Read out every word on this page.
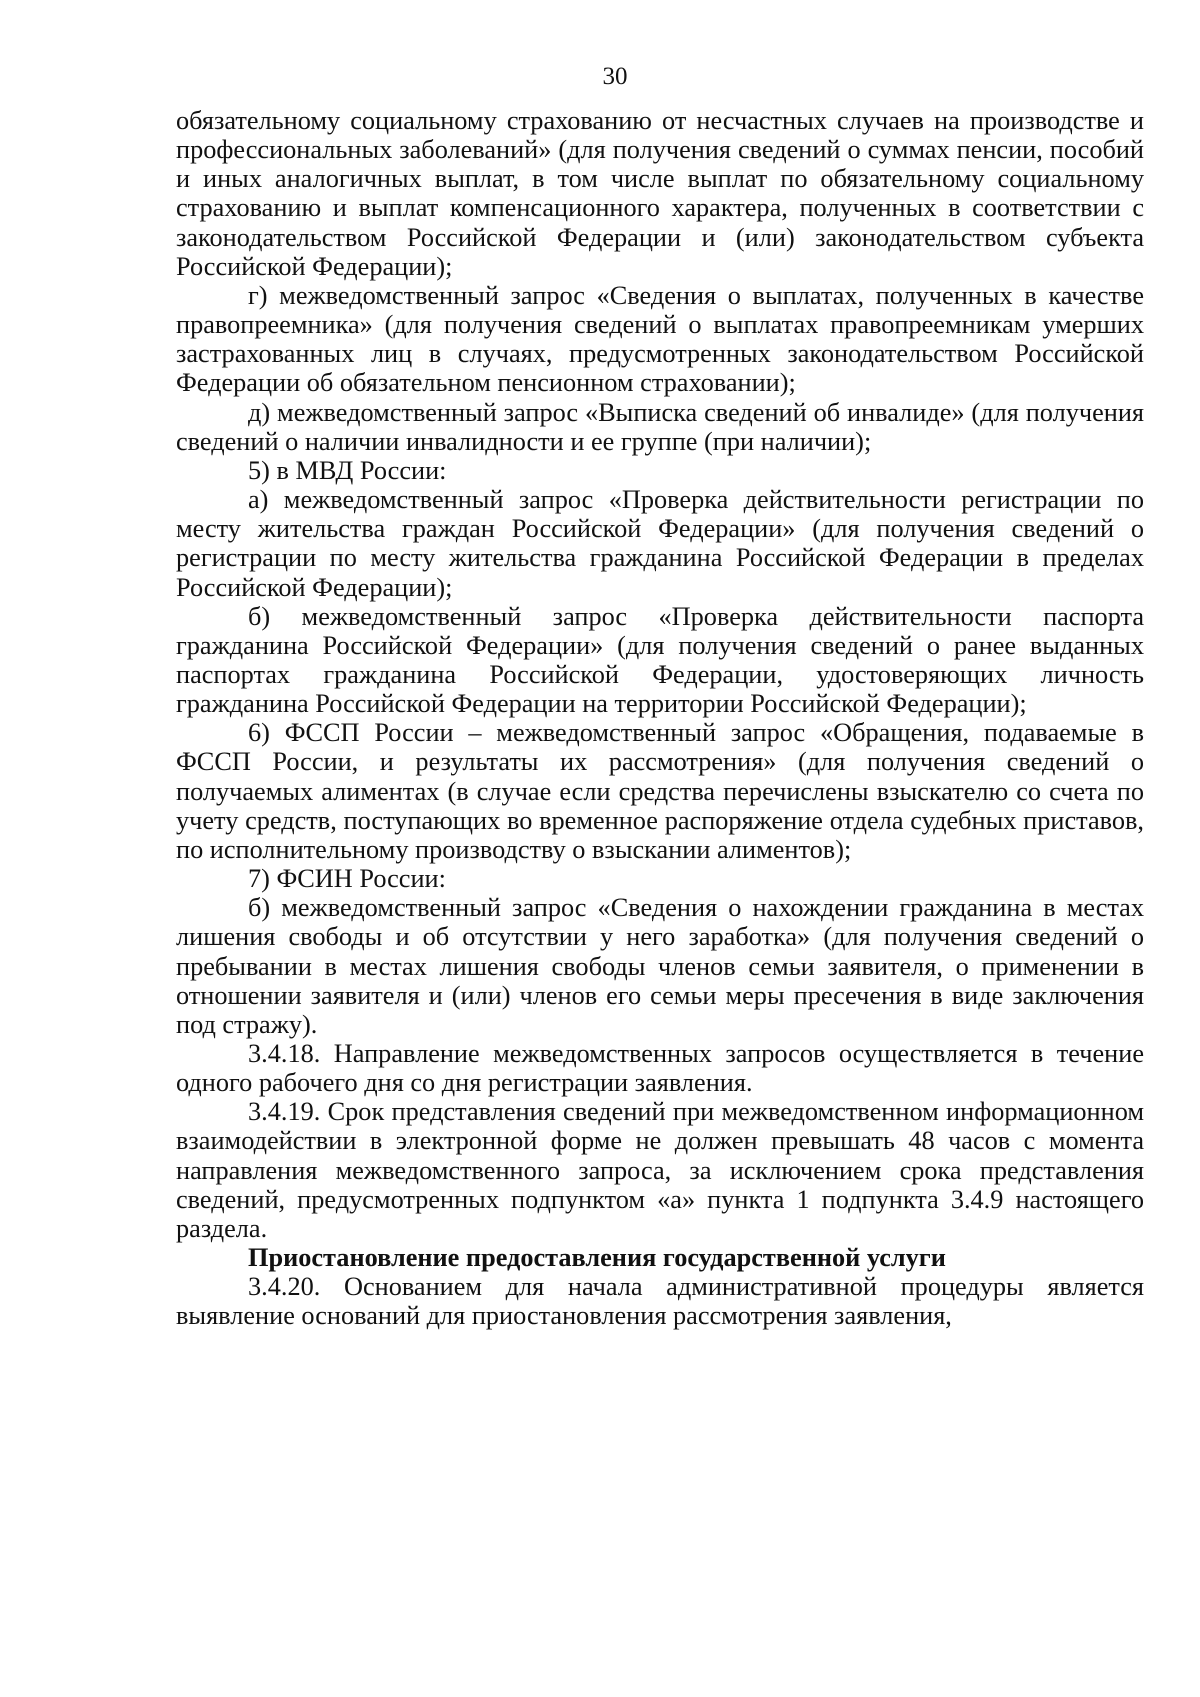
30

обязательному социальному страхованию от несчастных случаев на производстве и профессиональных заболеваний» (для получения сведений о суммах пенсии, пособий и иных аналогичных выплат, в том числе выплат по обязательному социальному страхованию и выплат компенсационного характера, полученных в соответствии с законодательством Российской Федерации и (или) законодательством субъекта Российской Федерации);

г) межведомственный запрос «Сведения о выплатах, полученных в качестве правопреемника» (для получения сведений о выплатах правопреемникам умерших застрахованных лиц в случаях, предусмотренных законодательством Российской Федерации об обязательном пенсионном страховании);

д) межведомственный запрос «Выписка сведений об инвалиде» (для получения сведений о наличии инвалидности и ее группе (при наличии);

5) в МВД России:

а) межведомственный запрос «Проверка действительности регистрации по месту жительства граждан Российской Федерации» (для получения сведений о регистрации по месту жительства гражданина Российской Федерации в пределах Российской Федерации);

б) межведомственный запрос «Проверка действительности паспорта гражданина Российской Федерации» (для получения сведений о ранее выданных паспортах гражданина Российской Федерации, удостоверяющих личность гражданина Российской Федерации на территории Российской Федерации);

6) ФССП России – межведомственный запрос «Обращения, подаваемые в ФССП России, и результаты их рассмотрения» (для получения сведений о получаемых алиментах (в случае если средства перечислены взыскателю со счета по учету средств, поступающих во временное распоряжение отдела судебных приставов, по исполнительному производству о взыскании алиментов);

7) ФСИН России:

б) межведомственный запрос «Сведения о нахождении гражданина в местах лишения свободы и об отсутствии у него заработка» (для получения сведений о пребывании в местах лишения свободы членов семьи заявителя, о применении в отношении заявителя и (или) членов его семьи меры пресечения в виде заключения под стражу).

3.4.18. Направление межведомственных запросов осуществляется в течение одного рабочего дня со дня регистрации заявления.

3.4.19. Срок представления сведений при межведомственном информационном взаимодействии в электронной форме не должен превышать 48 часов с момента направления межведомственного запроса, за исключением срока представления сведений, предусмотренных подпунктом «а» пункта 1 подпункта 3.4.9 настоящего раздела.

Приостановление предоставления государственной услуги

3.4.20. Основанием для начала административной процедуры является выявление оснований для приостановления рассмотрения заявления,
